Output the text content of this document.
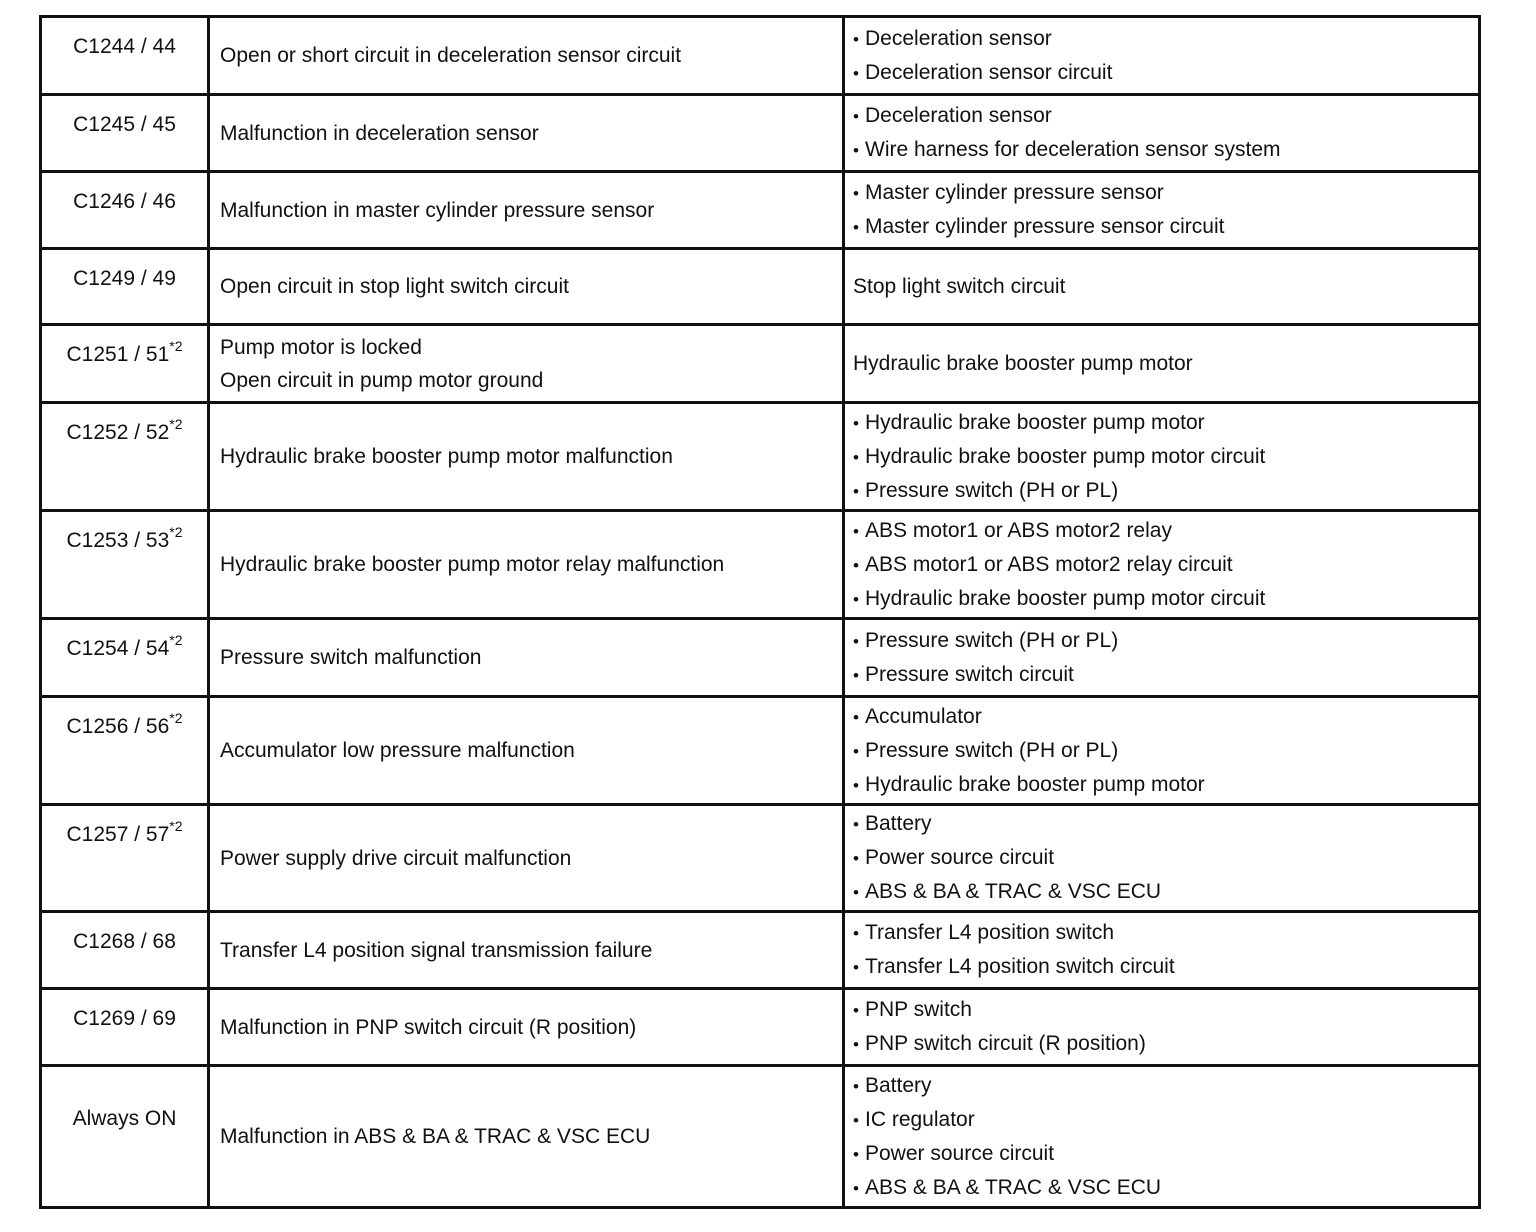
C1244 / 44	Open or short circuit in deceleration sensor circuit	• Deceleration sensor
• Deceleration sensor circuit

C1245 / 45	Malfunction in deceleration sensor	• Deceleration sensor
• Wire harness for deceleration sensor system

C1246 / 46	Malfunction in master cylinder pressure sensor	• Master cylinder pressure sensor
• Master cylinder pressure sensor circuit

C1249 / 49	Open circuit in stop light switch circuit	Stop light switch circuit

C1251 / 51$^{*2}$	Pump motor is locked
Open circuit in pump motor ground	Hydraulic brake booster pump motor

C1252 / 52$^{*2}$	Hydraulic brake booster pump motor malfunction	• Hydraulic brake booster pump motor
• Hydraulic brake booster pump motor circuit
• Pressure switch (PH or PL)

C1253 / 53$^{*2}$	Hydraulic brake booster pump motor relay malfunction	• ABS motor1 or ABS motor2 relay
• ABS motor1 or ABS motor2 relay circuit
• Hydraulic brake booster pump motor circuit

C1254 / 54$^{*2}$	Pressure switch malfunction	• Pressure switch (PH or PL)
• Pressure switch circuit

C1256 / 56$^{*2}$	Accumulator low pressure malfunction	• Accumulator
• Pressure switch (PH or PL)
• Hydraulic brake booster pump motor

C1257 / 57$^{*2}$	Power supply drive circuit malfunction	• Battery
• Power source circuit
• ABS & BA & TRAC & VSC ECU

C1268 / 68	Transfer L4 position signal transmission failure	• Transfer L4 position switch
• Transfer L4 position switch circuit

C1269 / 69	Malfunction in PNP switch circuit (R position)	• PNP switch
• PNP switch circuit (R position)

Always ON	Malfunction in ABS & BA & TRAC & VSC ECU	• Battery
• IC regulator
• Power source circuit
• ABS & BA & TRAC & VSC ECU
